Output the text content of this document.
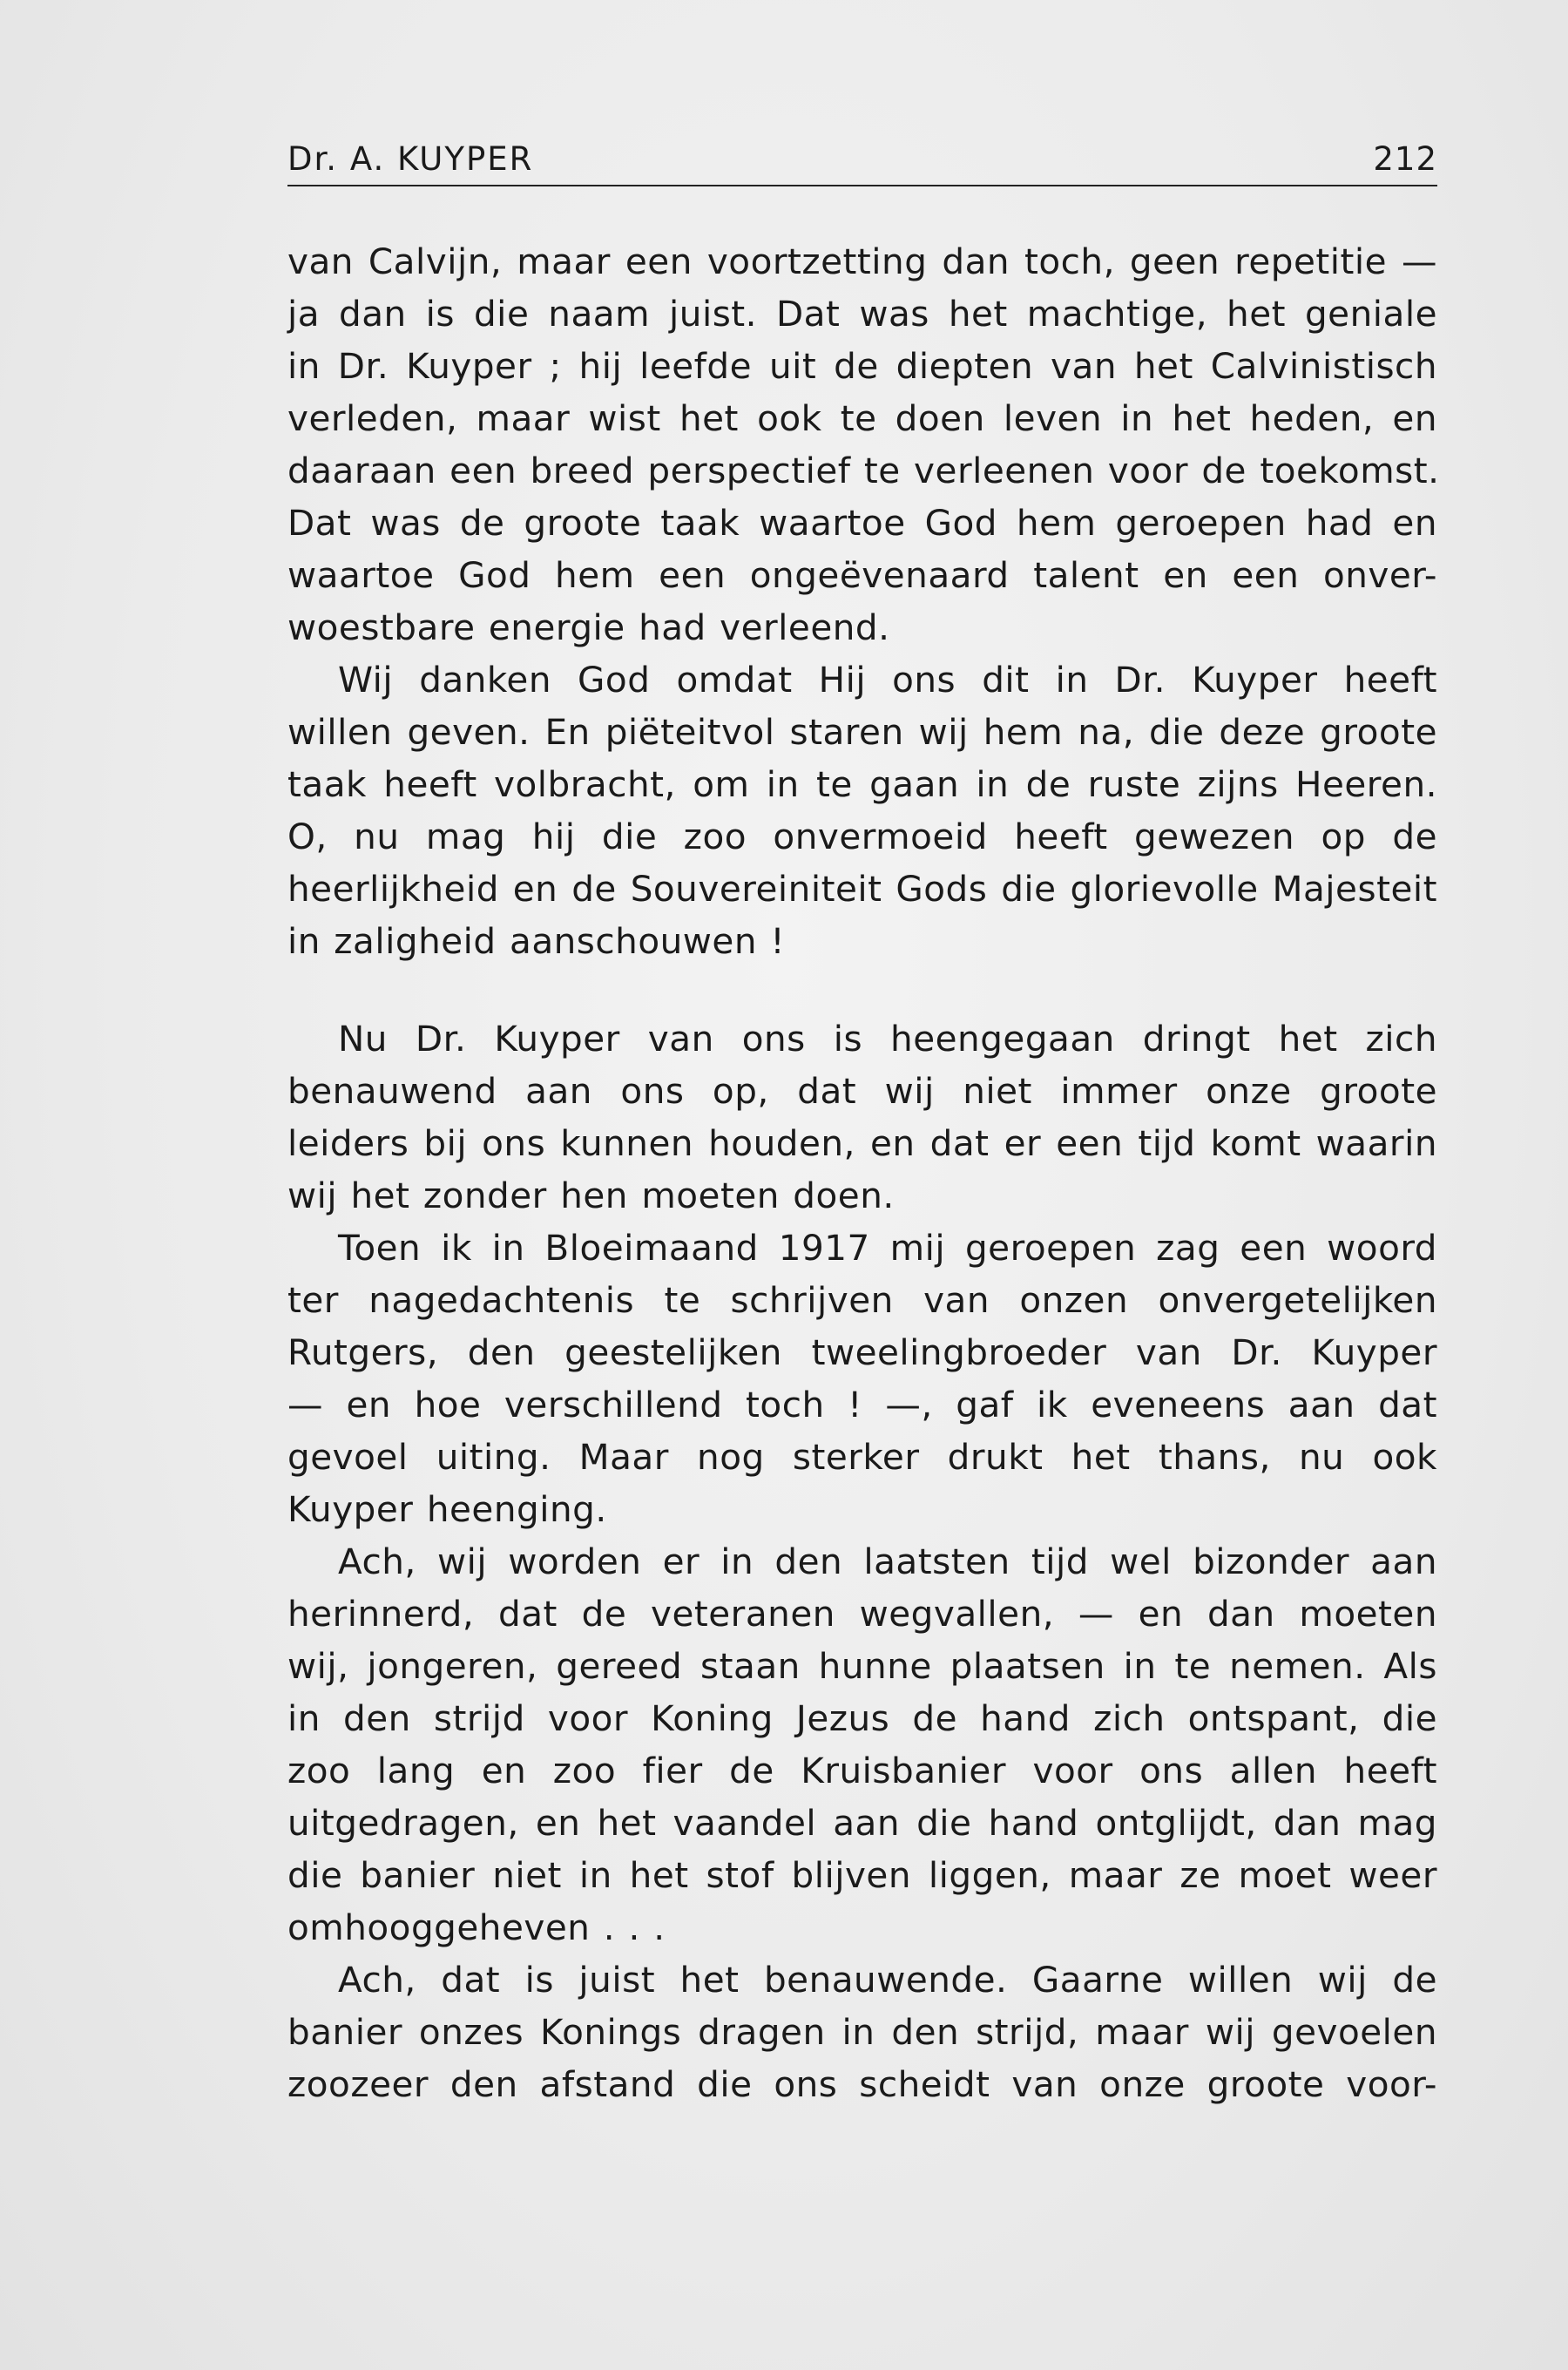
Dr. A. KUYPER	212
van Calvijn, maar een voortzetting dan toch, geen repetitie —
ja dan is die naam juist. Dat was het machtige, het geniale
in Dr. Kuyper ; hij leefde uit de diepten van het Calvinistisch
verleden, maar wist het ook te doen leven in het heden, en
daaraan een breed perspectief te verleenen voor de toekomst.
Dat was de groote taak waartoe God hem geroepen had en
waartoe God hem een ongeëvenaard talent en een onver-
woestbare energie had verleend.
Wij danken God omdat Hij ons dit in Dr. Kuyper heeft
willen geven. En piëteitvol staren wij hem na, die deze groote
taak heeft volbracht, om in te gaan in de ruste zijns Heeren.
O, nu mag hij die zoo onvermoeid heeft gewezen op de
heerlijkheid en de Souvereiniteit Gods die glorievolle Majesteit
in zaligheid aanschouwen !
Nu Dr. Kuyper van ons is heengegaan dringt het zich
benauwend aan ons op, dat wij niet immer onze groote
leiders bij ons kunnen houden, en dat er een tijd komt waarin
wij het zonder hen moeten doen.
Toen ik in Bloeimaand 1917 mij geroepen zag een woord
ter nagedachtenis te schrijven van onzen onvergetelijken
Rutgers, den geestelijken tweelingbroeder van Dr. Kuyper
— en hoe verschillend toch ! —, gaf ik eveneens aan dat
gevoel uiting. Maar nog sterker drukt het thans, nu ook
Kuyper heenging.
Ach, wij worden er in den laatsten tijd wel bizonder aan
herinnerd, dat de veteranen wegvallen, — en dan moeten
wij, jongeren, gereed staan hunne plaatsen in te nemen. Als
in den strijd voor Koning Jezus de hand zich ontspant, die
zoo lang en zoo fier de Kruisbanier voor ons allen heeft
uitgedragen, en het vaandel aan die hand ontglijdt, dan mag
die banier niet in het stof blijven liggen, maar ze moet weer
omhooggeheven . . .
Ach, dat is juist het benauwende. Gaarne willen wij de
banier onzes Konings dragen in den strijd, maar wij gevoelen
zoozeer den afstand die ons scheidt van onze groote voor-
